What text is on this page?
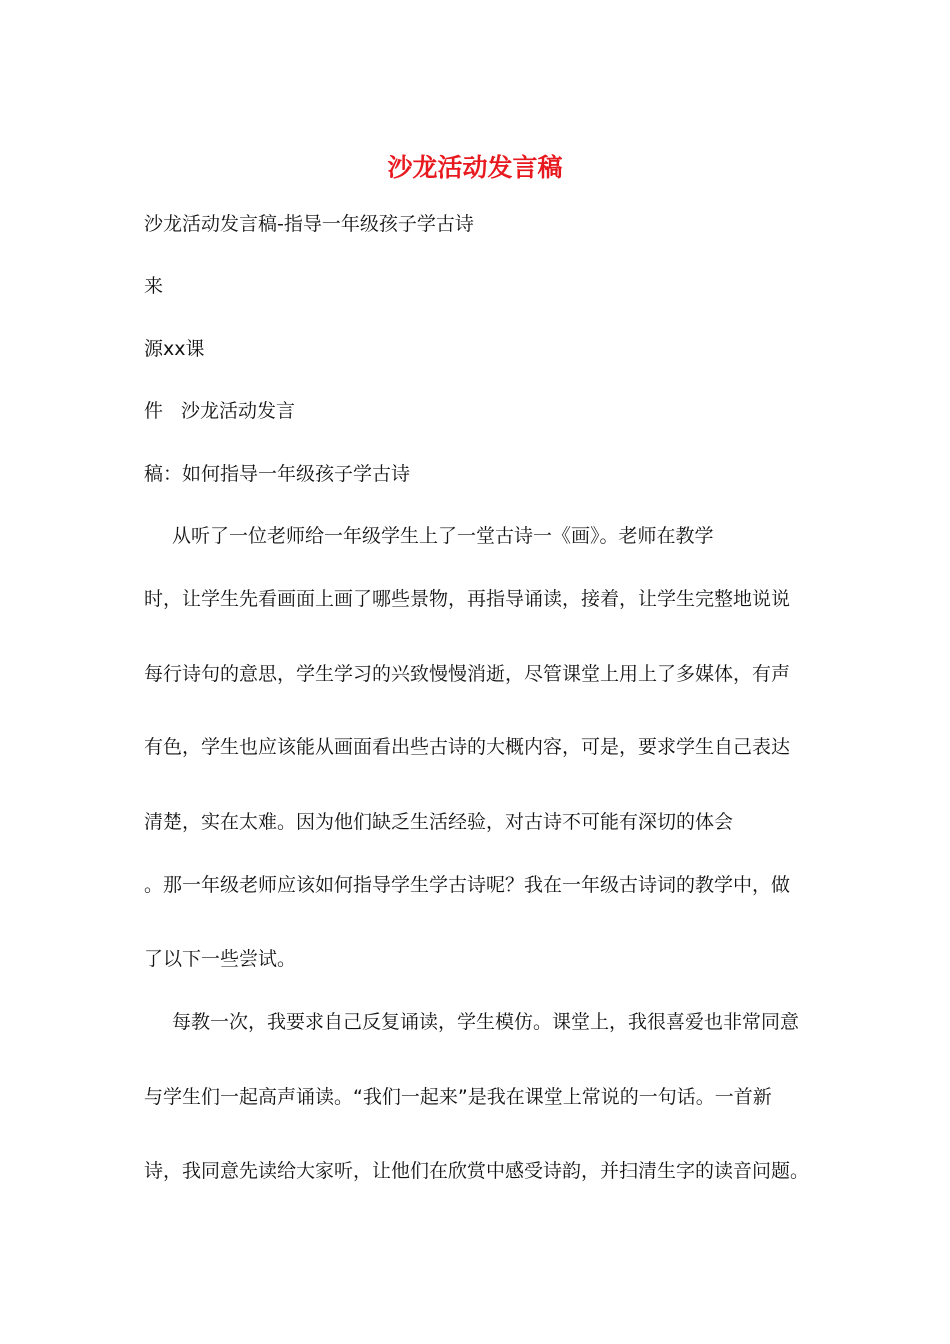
沙龙活动发言稿
沙龙活动发言稿-指导一年级孩子学古诗
来
源xx课
件 沙龙活动发言
稿：如何指导一年级孩子学古诗
从听了一位老师给一年级学生上了一堂古诗一《画》。老师在教学
时，让学生先看画面上画了哪些景物，再指导诵读，接着，让学生完整地说说
每行诗句的意思，学生学习的兴致慢慢消逝，尽管课堂上用上了多媒体，有声
有色，学生也应该能从画面看出些古诗的大概内容，可是，要求学生自己表达
清楚，实在太难。因为他们缺乏生活经验，对古诗不可能有深切的体会
。那一年级老师应该如何指导学生学古诗呢？我在一年级古诗词的教学中，做
了以下一些尝试。
每教一次，我要求自己反复诵读，学生模仿。课堂上，我很喜爱也非常同意
与学生们一起高声诵读。“我们一起来”是我在课堂上常说的一句话。一首新
诗，我同意先读给大家听，让他们在欣赏中感受诗韵，并扫清生字的读音问题。
